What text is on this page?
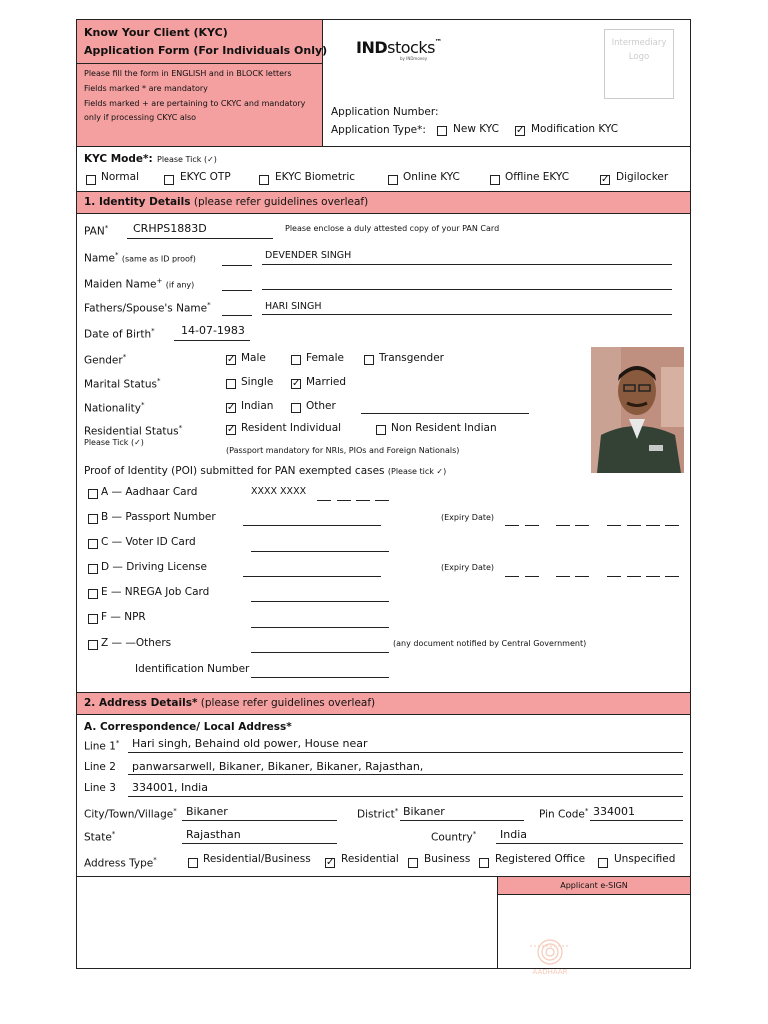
Know Your Client (KYC)
Application Form (For Individuals Only)
Please fill the form in ENGLISH and in BLOCK letters
Fields marked * are mandatory
Fields marked + are pertaining to CKYC and mandatory
only if processing CKYC also
INDstocks™
by INDmoney
Intermediary
Logo
Application Number:
Application Type*:	New KYC ✓ Modification KYC
KYC Mode*: Please Tick (✓)
Normal	EKYC OTP	EKYC Biometric	Online KYC	Offline EKYC	✓ Digilocker
1. Identity Details (please refer guidelines overleaf)
PAN* CRHPS1883D	Please enclose a duly attested copy of your PAN Card
Name* (same as ID proof)	DEVENDER SINGH
Maiden Name+ (if any)
Fathers/Spouse's Name*	HARI SINGH
Date of Birth* 14-07-1983
Gender*	✓ Male	Female	Transgender
Marital Status*	Single ✓ Married
Nationality*	✓ Indian	Other
Residential Status*
Please Tick (✓)
✓ Resident Individual	Non Resident Indian
(Passport mandatory for NRIs, PIOs and Foreign Nationals)
Proof of Identity (POI) submitted for PAN exempted cases (Please tick ✓)
A — Aadhaar Card	XXXX XXXX
B — Passport Number	(Expiry Date)
C — Voter ID Card
D — Driving License	(Expiry Date)
E — NREGA Job Card
F — NPR
Z — —Others	(any document notified by Central Government)
Identification Number
2. Address Details* (please refer guidelines overleaf)
A. Correspondence/ Local Address*
Line 1* Hari singh, Behaind old power, House near
Line 2 panwarsarwell, Bikaner, Bikaner, Bikaner, Rajasthan,
Line 3 334001, India
City/Town/Village* Bikaner	District* Bikaner	Pin Code* 334001
State*	Rajasthan	Country* India
Address Type*	Residential/Business ✓ Residential Business Registered Office	Unspecified
Applicant e-SIGN
AADHAAR
